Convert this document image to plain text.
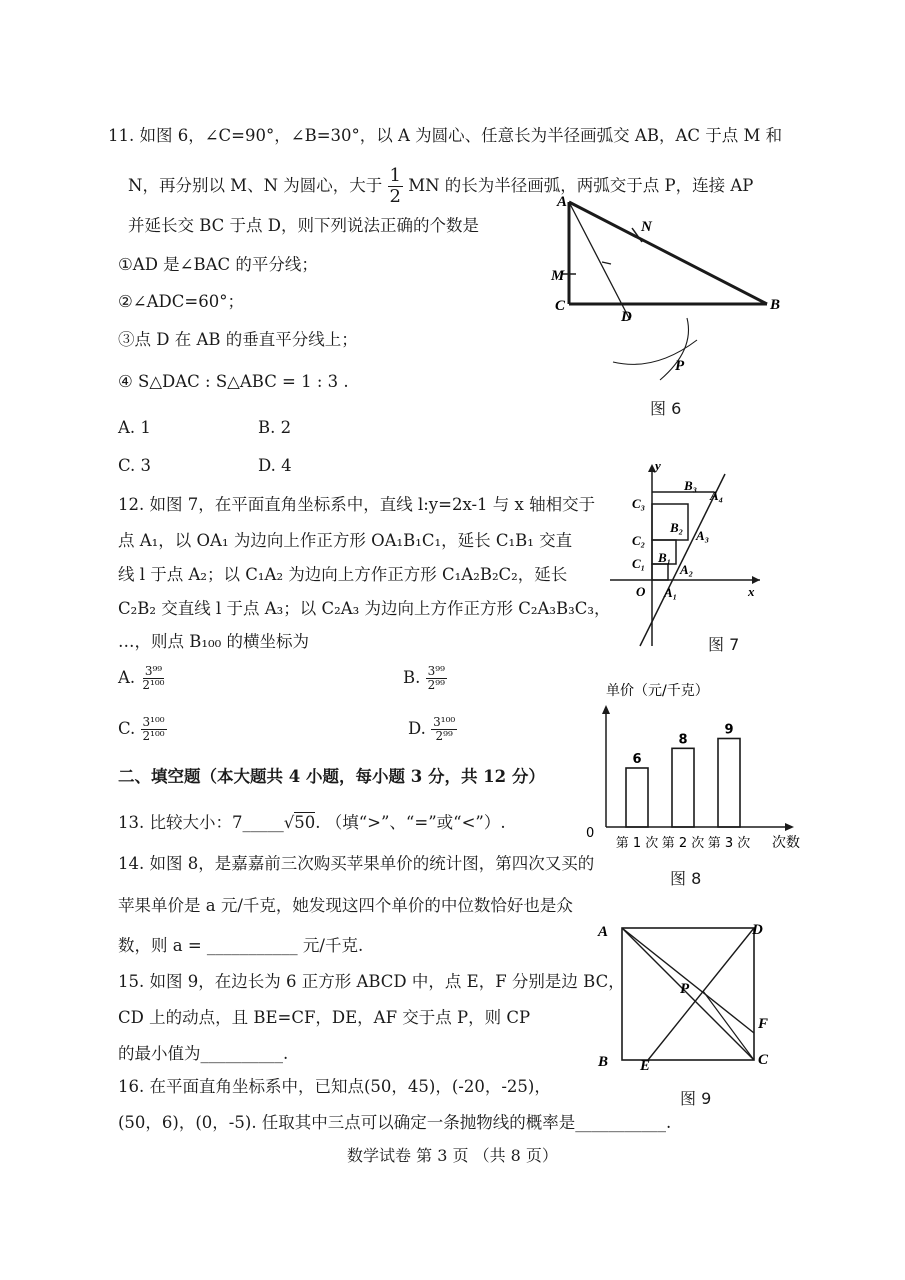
11. 如图 6，∠C=90°，∠B=30°，以 A 为圆心、任意长为半径画弧交 AB，AC 于点 M 和
N，再分别以 M、N 为圆心，大于 $\frac{1}{2}$ MN 的长为半径画弧，两弧交于点 P，连接 AP
并延长交 BC 于点 D，则下列说法正确的个数是
①AD 是∠BAC 的平分线；
②∠ADC=60°；
③点 D 在 AB 的垂直平分线上；
④ S△DAC : S△ABC = 1 : 3 .
A. 1	B. 2
C. 3	D. 4
A
N
M
C
D
B
P
图 6
12. 如图 7，在平面直角坐标系中，直线 l:y=2x-1 与 x 轴相交于
点 A₁，以 OA₁ 为边向上作正方形 OA₁B₁C₁，延长 C₁B₁ 交直
线 l 于点 A₂；以 C₁A₂ 为边向上方作正方形 C₁A₂B₂C₂，延长
C₂B₂ 交直线 l 于点 A₃；以 C₂A₃ 为边向上方作正方形 C₂A₃B₃C₃，
…，则点 B₁₀₀ 的横坐标为
A. $\frac{\text{3⁹⁹}}{\text{2¹⁰⁰}}$	B. $\frac{\text{3⁹⁹}}{\text{2⁹⁹}}$
C. $\frac{\text{3¹⁰⁰}}{\text{2¹⁰⁰}}$	D. $\frac{\text{3¹⁰⁰}}{\text{2⁹⁹}}$
A₄
y
x
O A₁
A₂
A₃
B₁
B₂
B₃
C₁
C₂
C₃
图 7
二、填空题（本大题共 4 小题，每小题 3 分，共 12 分）
13. 比较大小：7_____√50. （填“>”、“=”或“<”）.
单价（元/千克）
0
次数
6
第 1 次
8
第 2 次
9
第 3 次
图 8
14. 如图 8，是嘉嘉前三次购买苹果单价的统计图，第四次又买的
苹果单价是 a 元/千克，她发现这四个单价的中位数恰好也是众
数，则 a = ___________ 元/千克.
A	D
P
F
B E	C
图 9
15. 如图 9，在边长为 6 正方形 ABCD 中，点 E，F 分别是边 BC，
CD 上的动点，且 BE=CF，DE，AF 交于点 P，则 CP
的最小值为__________.
16. 在平面直角坐标系中，已知点(50，45)，(-20，-25)，
(50，6)，(0，-5). 任取其中三点可以确定一条抛物线的概率是___________.
数学试卷 第 3 页 （共 8 页）
